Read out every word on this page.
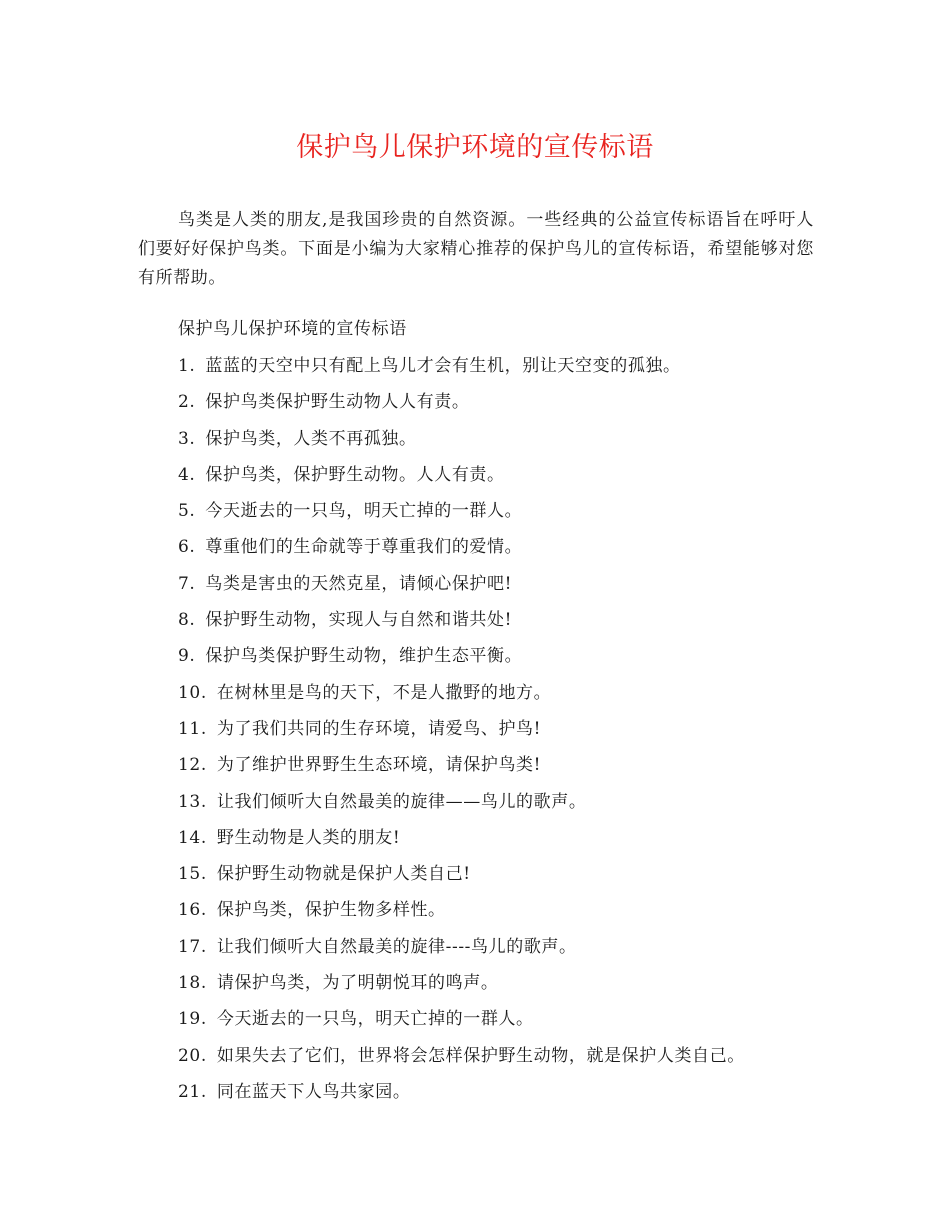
保护鸟儿保护环境的宣传标语

鸟类是人类的朋友,是我国珍贵的自然资源。一些经典的公益宣传标语旨在呼吁人们要好好保护鸟类。下面是小编为大家精心推荐的保护鸟儿的宣传标语，希望能够对您有所帮助。

保护鸟儿保护环境的宣传标语

1. 蓝蓝的天空中只有配上鸟儿才会有生机，别让天空变的孤独。
2. 保护鸟类保护野生动物人人有责。
3. 保护鸟类，人类不再孤独。
4. 保护鸟类，保护野生动物。人人有责。
5. 今天逝去的一只鸟，明天亡掉的一群人。
6. 尊重他们的生命就等于尊重我们的爱情。
7. 鸟类是害虫的天然克星，请倾心保护吧!
8. 保护野生动物，实现人与自然和谐共处!
9. 保护鸟类保护野生动物，维护生态平衡。
10. 在树林里是鸟的天下，不是人撒野的地方。
11. 为了我们共同的生存环境，请爱鸟、护鸟!
12. 为了维护世界野生生态环境，请保护鸟类!
13. 让我们倾听大自然最美的旋律——鸟儿的歌声。
14. 野生动物是人类的朋友!
15. 保护野生动物就是保护人类自己!
16. 保护鸟类，保护生物多样性。
17. 让我们倾听大自然最美的旋律----鸟儿的歌声。
18. 请保护鸟类，为了明朝悦耳的鸣声。
19. 今天逝去的一只鸟，明天亡掉的一群人。
20. 如果失去了它们，世界将会怎样保护野生动物，就是保护人类自己。
21. 同在蓝天下人鸟共家园。
